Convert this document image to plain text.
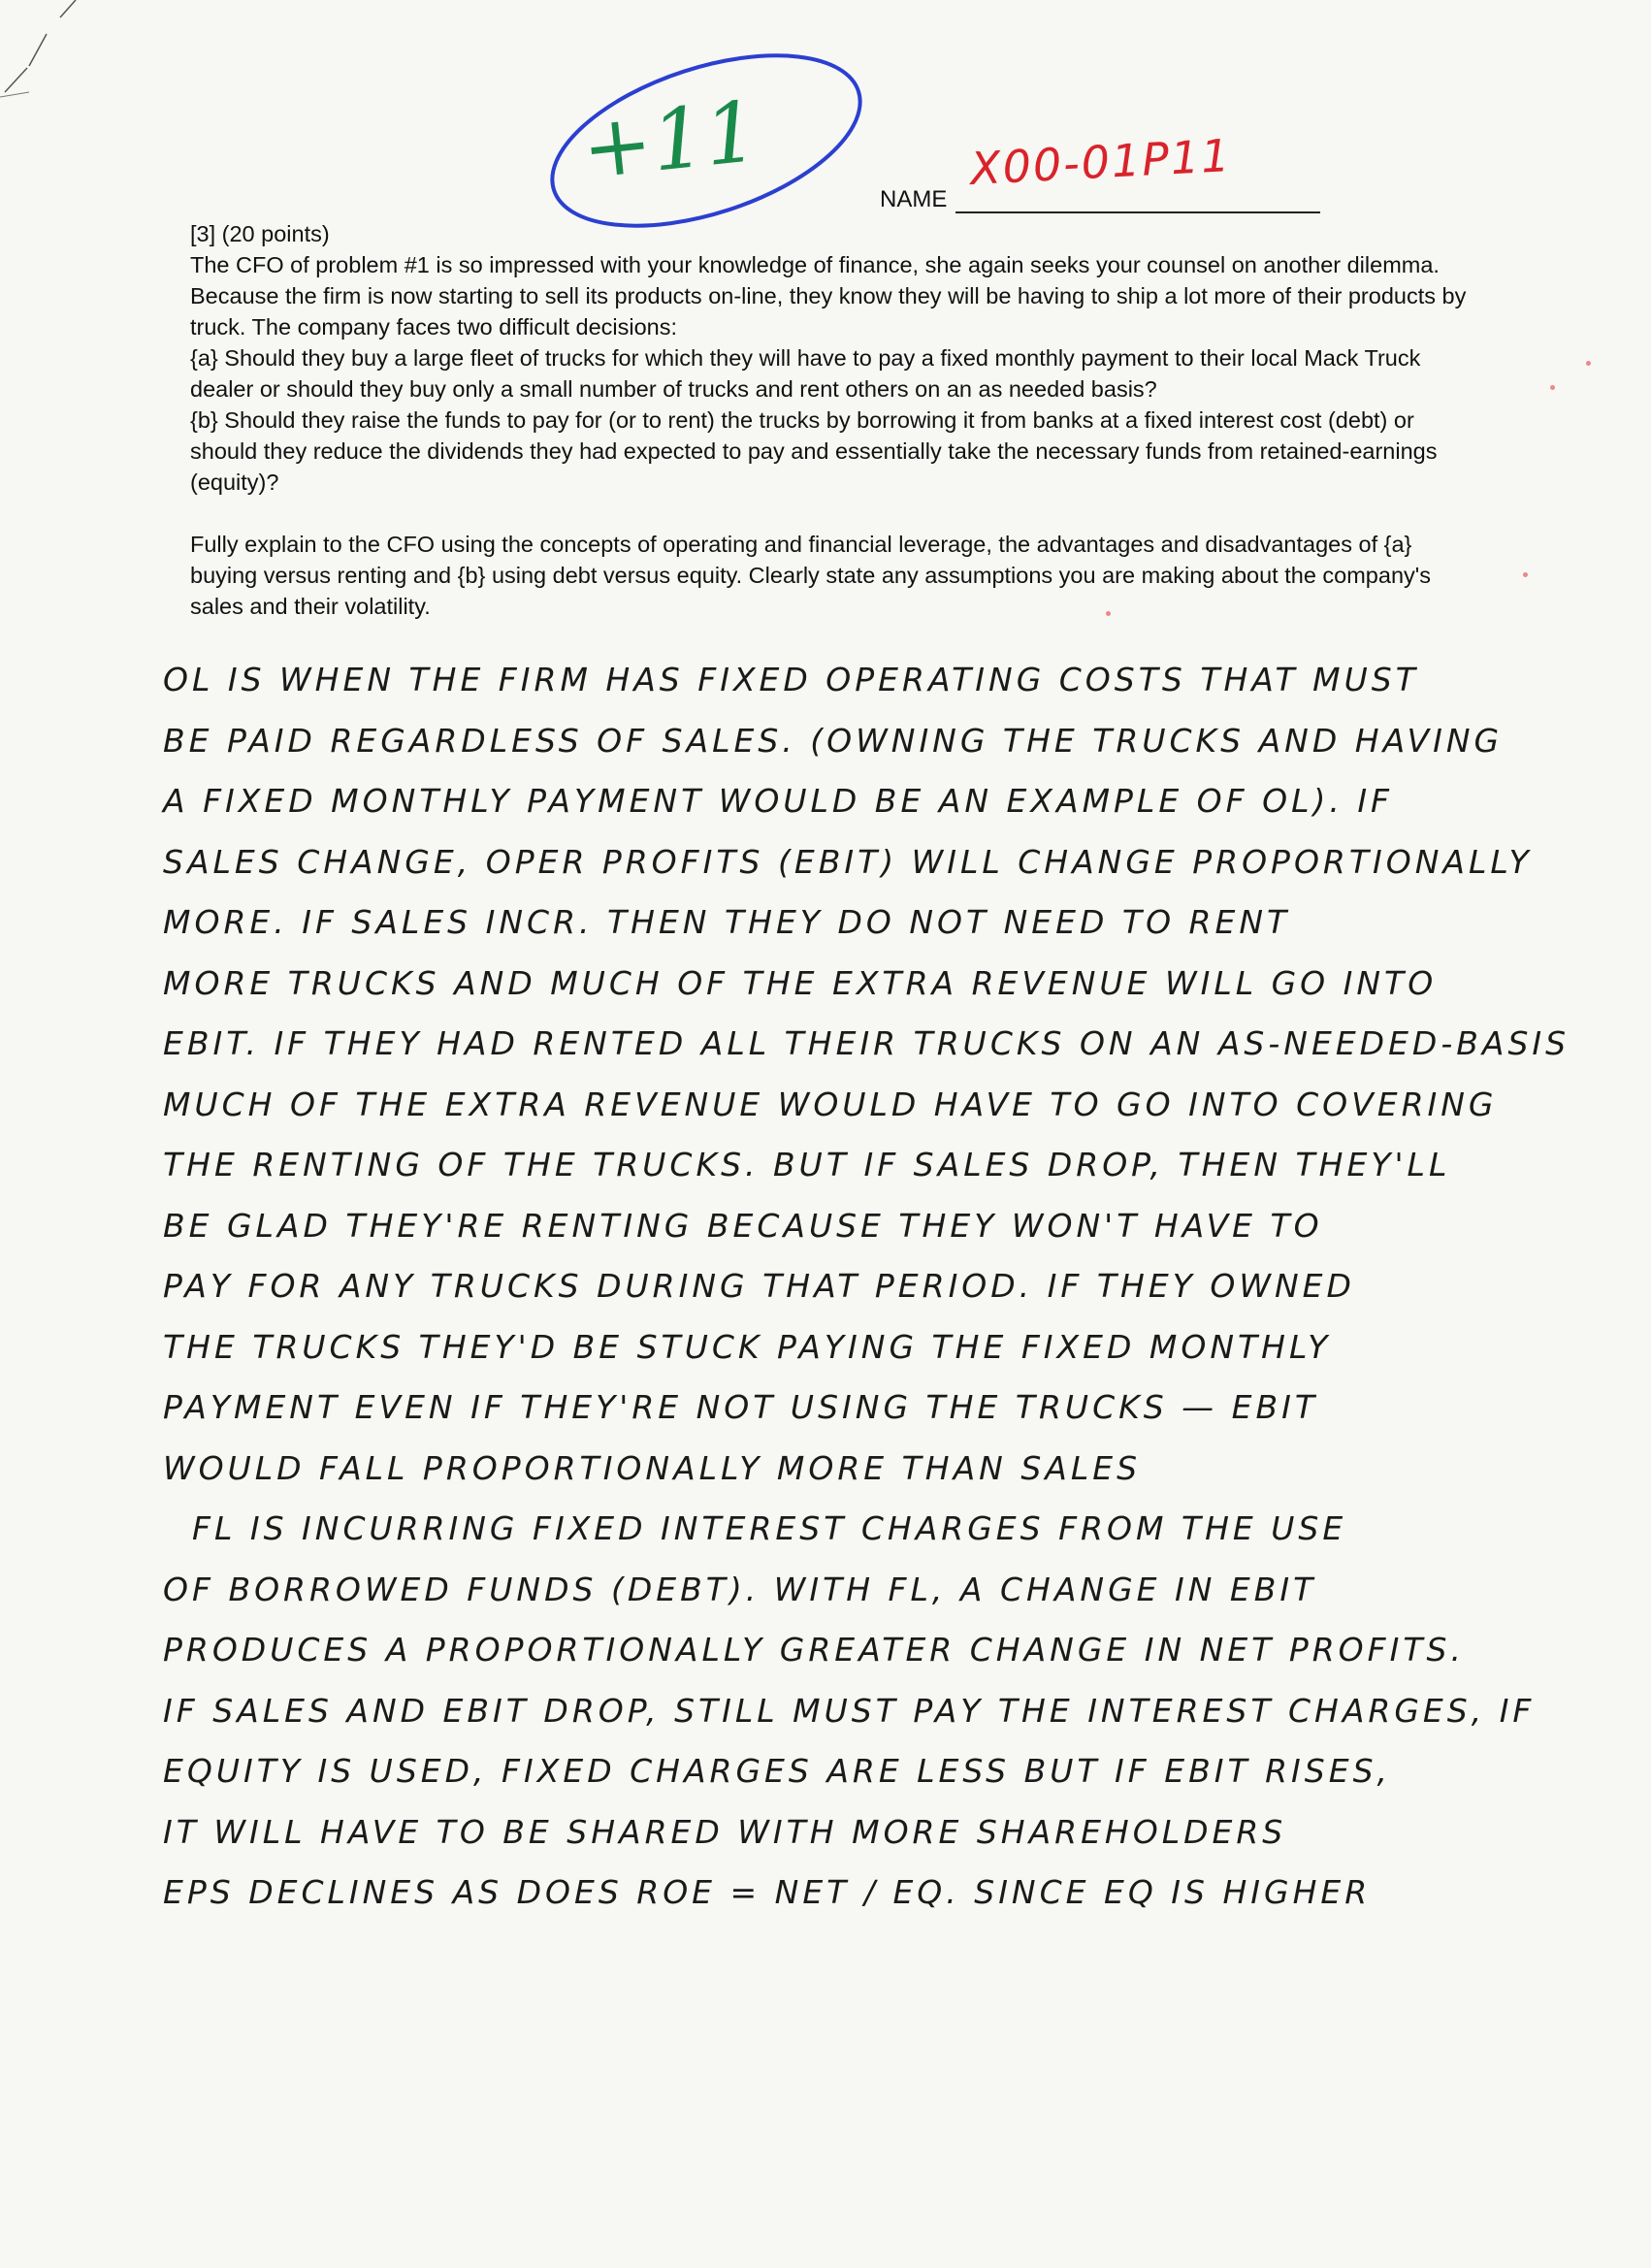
+11	X00-01P11
NAME

[3] (20 points)

The CFO of problem #1 is so impressed with your knowledge of finance, she again seeks your counsel on another dilemma. Because the firm is now starting to sell its products on-line, they know they will be having to ship a lot more of their products by truck. The company faces two difficult decisions:

{a} Should they buy a large fleet of trucks for which they will have to pay a fixed monthly payment to their local Mack Truck dealer or should they buy only a small number of trucks and rent others on an as needed basis?

{b} Should they raise the funds to pay for (or to rent) the trucks by borrowing it from banks at a fixed interest cost (debt) or should they reduce the dividends they had expected to pay and essentially take the necessary funds from retained-earnings (equity)?

Fully explain to the CFO using the concepts of operating and financial leverage, the advantages and disadvantages of {a} buying versus renting and {b} using debt versus equity. Clearly state any assumptions you are making about the company's sales and their volatility.

OL IS WHEN THE FIRM HAS FIXED OPERATING COSTS THAT MUST
BE PAID REGARDLESS OF SALES. (OWNING THE TRUCKS AND HAVING
A FIXED MONTHLY PAYMENT WOULD BE AN EXAMPLE OF OL). IF
SALES CHANGE, OPER PROFITS (EBIT) WILL CHANGE PROPORTIONALLY
MORE. IF SALES INCR. THEN THEY DO NOT NEED TO RENT
MORE TRUCKS AND MUCH OF THE EXTRA REVENUE WILL GO INTO
EBIT. IF THEY HAD RENTED ALL THEIR TRUCKS ON AN AS-NEEDED-BASIS
MUCH OF THE EXTRA REVENUE WOULD HAVE TO GO INTO COVERING
THE RENTING OF THE TRUCKS. BUT IF SALES DROP, THEN THEY'LL
BE GLAD THEY'RE RENTING BECAUSE THEY WON'T HAVE TO
PAY FOR ANY TRUCKS DURING THAT PERIOD. IF THEY OWNED
THE TRUCKS THEY'D BE STUCK PAYING THE FIXED MONTHLY
PAYMENT EVEN IF THEY'RE NOT USING THE TRUCKS — EBIT
WOULD FALL PROPORTIONALLY MORE THAN SALES
FL IS INCURRING FIXED INTEREST CHARGES FROM THE USE
OF BORROWED FUNDS (DEBT). WITH FL, A CHANGE IN EBIT
PRODUCES A PROPORTIONALLY GREATER CHANGE IN NET PROFITS.
IF SALES AND EBIT DROP, STILL MUST PAY THE INTEREST CHARGES, IF
EQUITY IS USED, FIXED CHARGES ARE LESS BUT IF EBIT RISES,
IT WILL HAVE TO BE SHARED WITH MORE SHAREHOLDERS
EPS DECLINES AS DOES ROE = NET / EQ. SINCE EQ IS HIGHER
